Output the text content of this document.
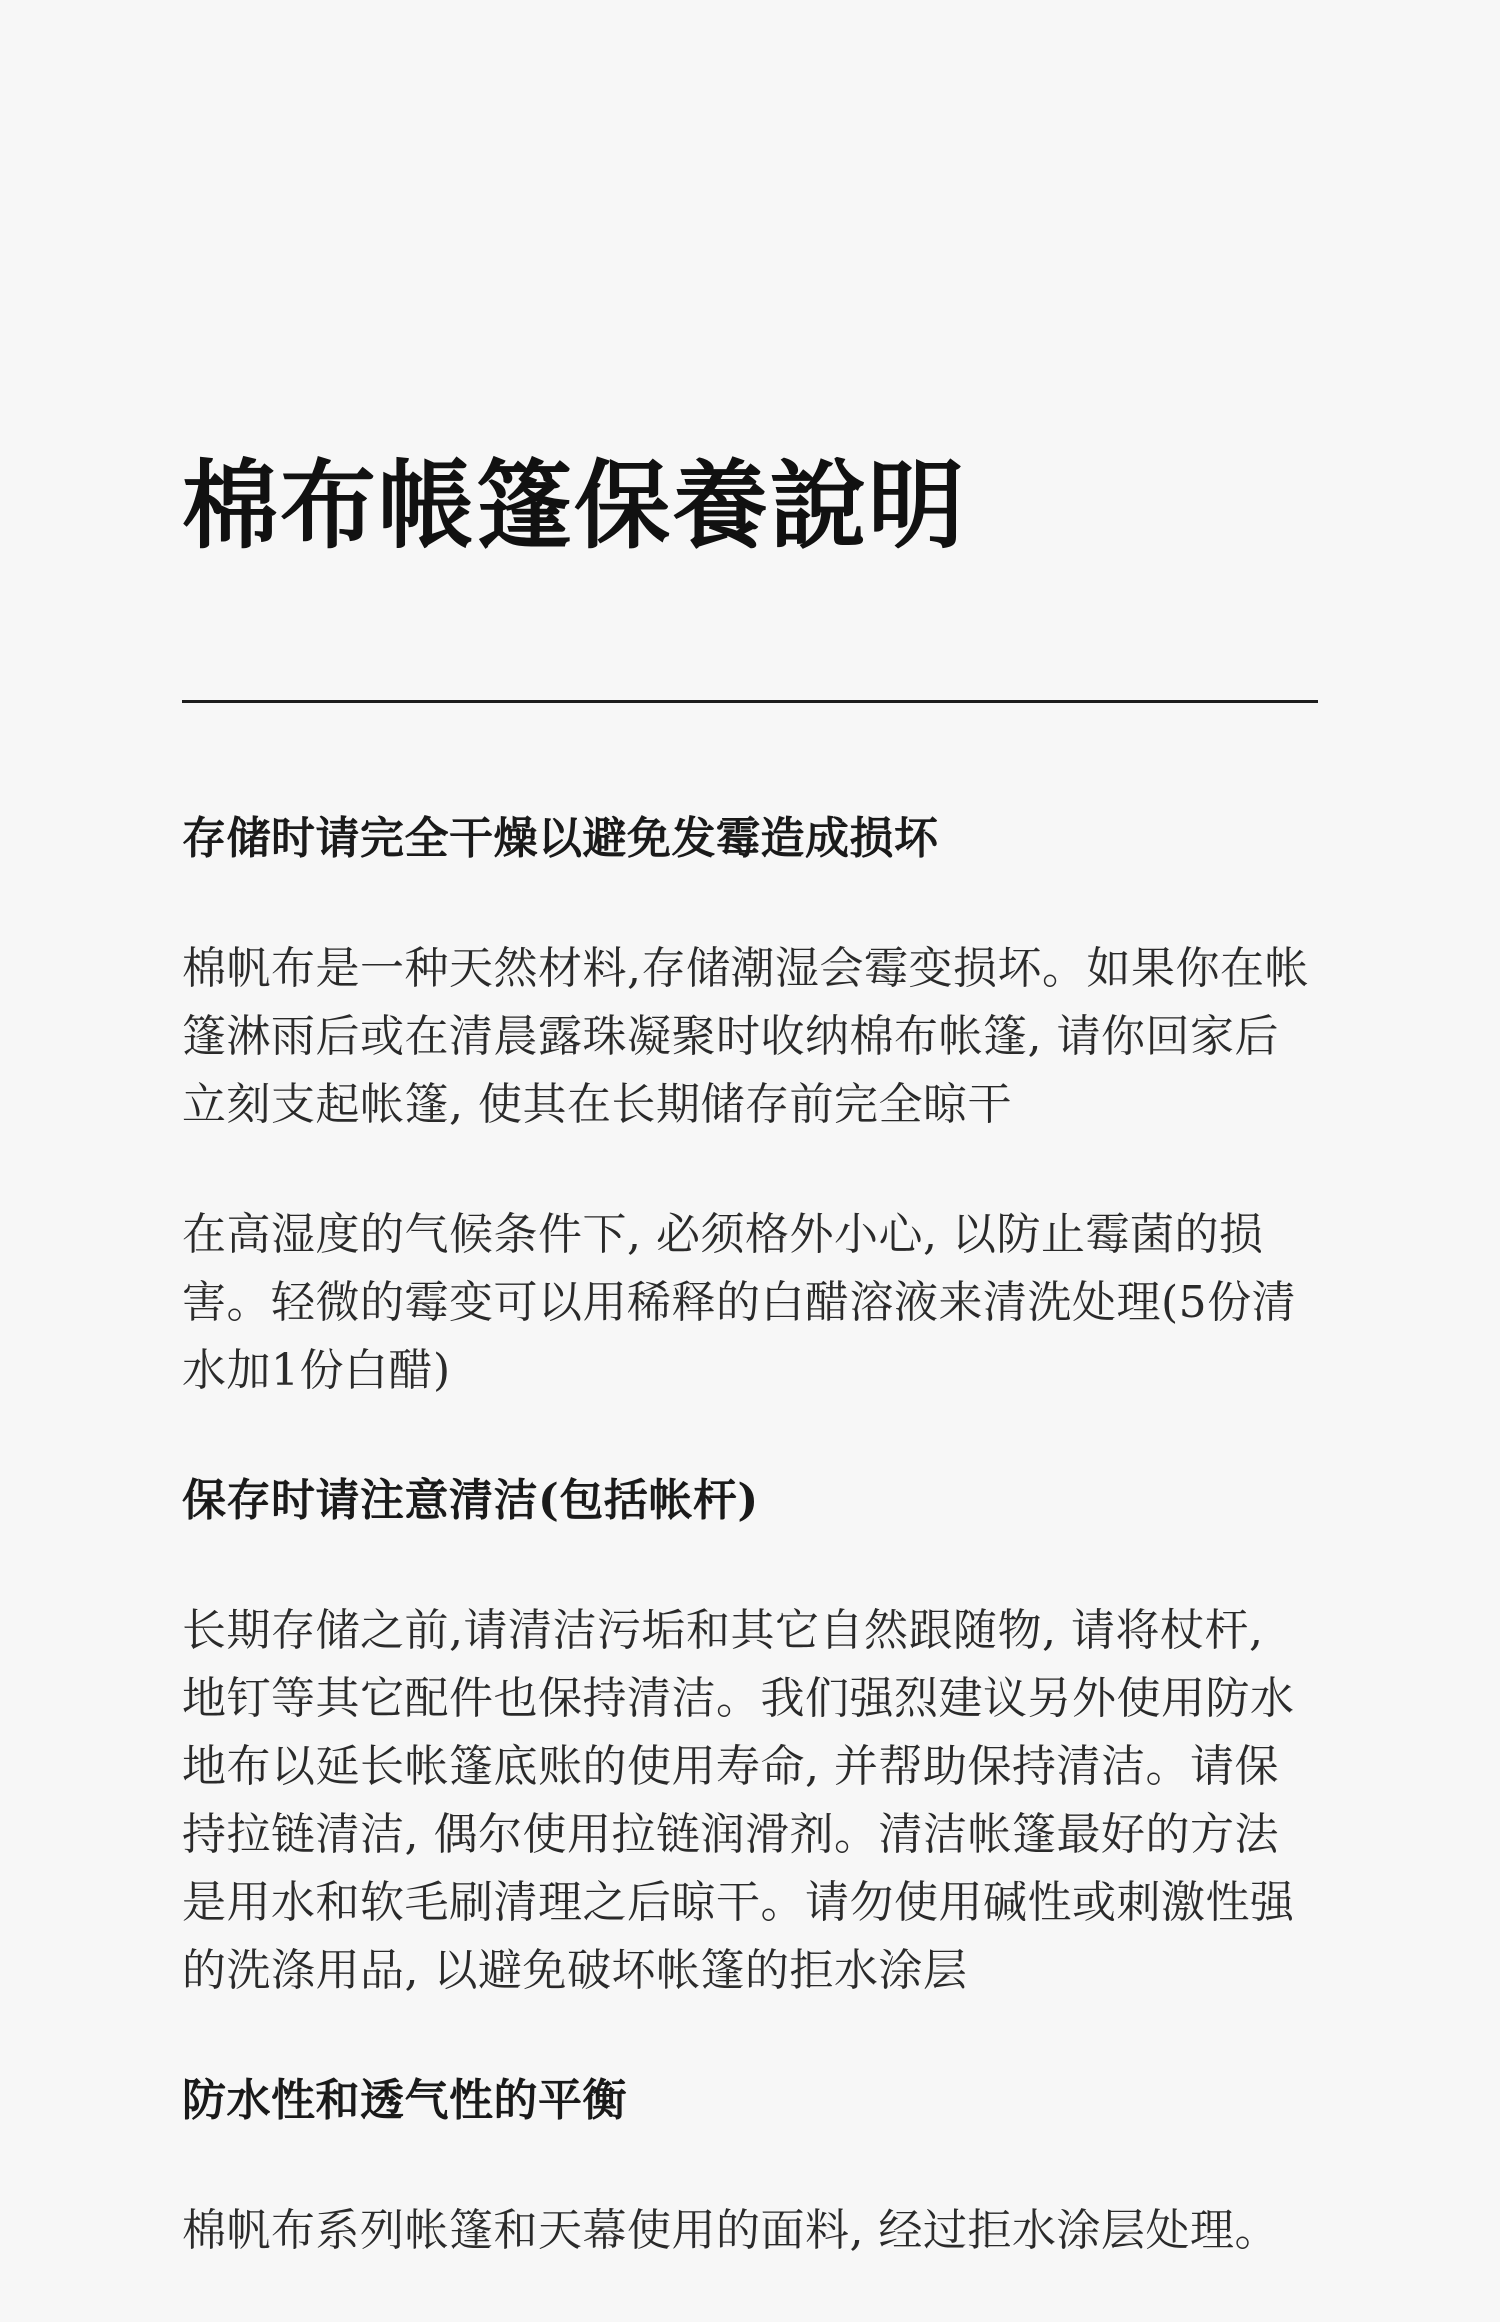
棉布帳篷保養說明
存储时请完全干燥以避免发霉造成损坏

棉帆布是一种天然材料,存储潮湿会霉变损坏。如果你在帐篷淋雨后或在清晨露珠凝聚时收纳棉布帐篷, 请你回家后立刻支起帐篷, 使其在长期储存前完全晾干

在高湿度的气候条件下, 必须格外小心, 以防止霉菌的损害。轻微的霉变可以用稀释的白醋溶液来清洗处理(5份清水加1份白醋)

保存时请注意清洁(包括帐杆)

长期存储之前,请清洁污垢和其它自然跟随物, 请将杖杆, 地钉等其它配件也保持清洁。我们强烈建议另外使用防水地布以延长帐篷底账的使用寿命, 并帮助保持清洁。请保持拉链清洁, 偶尔使用拉链润滑剂。清洁帐篷最好的方法是用水和软毛刷清理之后晾干。请勿使用碱性或刺激性强的洗涤用品, 以避免破坏帐篷的拒水涂层

防水性和透气性的平衡

棉帆布系列帐篷和天幕使用的面料, 经过拒水涂层处理。
